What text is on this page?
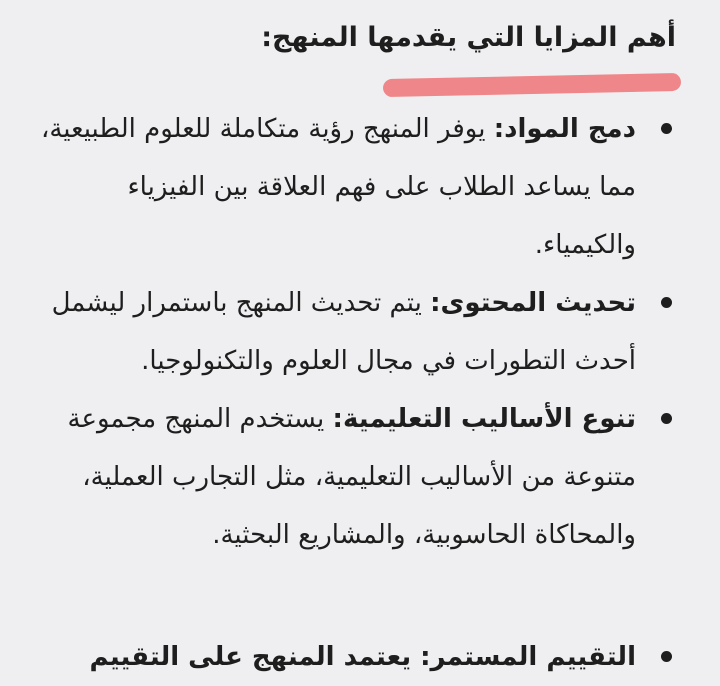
أهم المزايا التي يقدمها المنهج:
دمج المواد: يوفر المنهج رؤية متكاملة للعلوم الطبيعية، مما يساعد الطلاب على فهم العلاقة بين الفيزياء والكيمياء.
تحديث المحتوى: يتم تحديث المنهج باستمرار ليشمل أحدث التطورات في مجال العلوم والتكنولوجيا.
تنوع الأساليب التعليمية: يستخدم المنهج مجموعة متنوعة من الأساليب التعليمية، مثل التجارب العملية، والمحاكاة الحاسوبية، والمشاريع البحثية.
التقييم المستمر: يعتمد المنهج على التقييم
